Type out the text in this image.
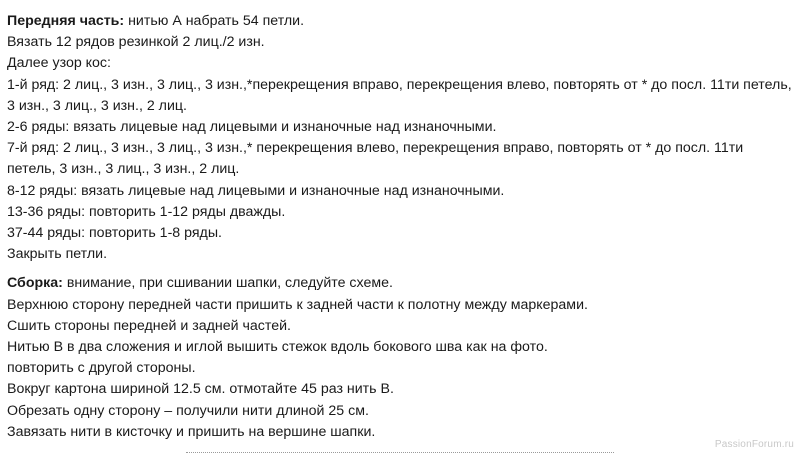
Передняя часть: нитью А набрать 54 петли.
Вязать 12 рядов резинкой 2 лиц./2 изн.
Далее узор кос:
1-й ряд: 2 лиц., 3 изн., 3 лиц., 3 изн.,*перекрещения вправо, перекрещения влево, повторять от * до посл. 11ти петель, 3 изн., 3 лиц., 3 изн., 2 лиц.
2-6 ряды: вязать лицевые над лицевыми и изнаночные над изнаночными.
7-й ряд: 2 лиц., 3 изн., 3 лиц., 3 изн.,* перекрещения влево, перекрещения вправо, повторять от * до посл. 11ти петель, 3 изн., 3 лиц., 3 изн., 2 лиц.
8-12 ряды: вязать лицевые над лицевыми и изнаночные над изнаночными.
13-36 ряды: повторить 1-12 ряды дважды.
37-44 ряды: повторить 1-8 ряды.
Закрыть петли.
Сборка: внимание, при сшивании шапки, следуйте схеме.
Верхнюю сторону передней части пришить к задней части к полотну между маркерами.
Сшить стороны передней и задней частей.
Нитью В в два сложения и иглой вышить стежок вдоль бокового шва как на фото.
повторить с другой стороны.
Вокруг картона шириной 12.5 см. отмотайте 45 раз нить В.
Обрезать одну сторону – получили нити длиной 25 см.
Завязать нити в кисточку и пришить на вершине шапки.
PassionForum.ru
